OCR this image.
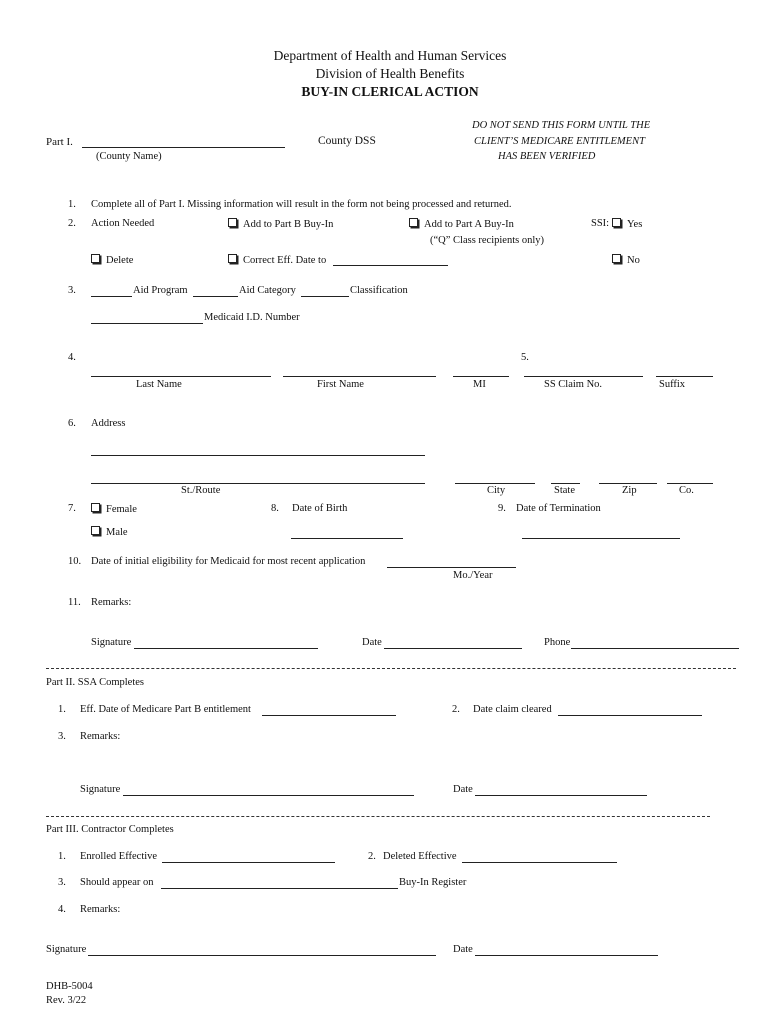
Department of Health and Human Services
Division of Health Benefits
BUY-IN CLERICAL ACTION
DO NOT SEND THIS FORM UNTIL THE
CLIENT’S MEDICARE ENTITLEMENT
HAS BEEN VERIFIED
Part I.
(County Name)
County DSS
1. Complete all of Part I. Missing information will result in the form not being processed and returned.
2. Action Needed	Add to Part B Buy-In	Add to Part A Buy-In
(“Q” Class recipients only)
SSI:	Yes
Delete	Correct Eff. Date to	No
3.	Aid Program	Aid Category	Classification
Medicaid I.D. Number
4.	5.
Last Name	First Name	MI	SS Claim No.	Suffix
6. Address
St./Route	City	State	Zip	Co.
7.	Female
Male
8. Date of Birth	9. Date of Termination
10. Date of initial eligibility for Medicaid for most recent application
Mo./Year
11. Remarks:
Signature	Date	Phone
Part II. SSA Completes
1. Eff. Date of Medicare Part B entitlement	2. Date claim cleared
3. Remarks:
Signature	Date
Part III. Contractor Completes
1. Enrolled Effective	2. Deleted Effective
3. Should appear on	Buy-In Register
4. Remarks:
Signature	Date
DHB-5004
Rev. 3/22
